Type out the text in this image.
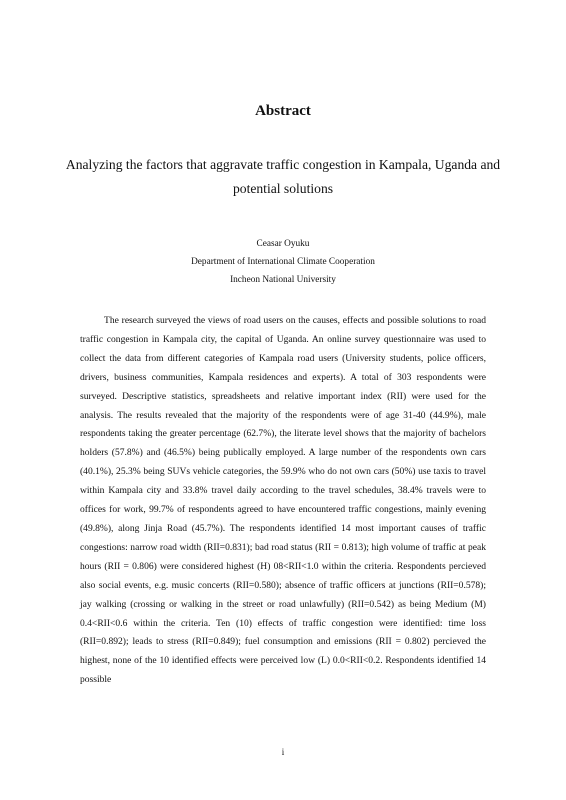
Abstract
Analyzing the factors that aggravate traffic congestion in Kampala, Uganda and potential solutions
Ceasar Oyuku
Department of International Climate Cooperation
Incheon National University

The research surveyed the views of road users on the causes, effects and possible solutions to road traffic congestion in Kampala city, the capital of Uganda. An online survey questionnaire was used to collect the data from different categories of Kampala road users (University students, police officers, drivers, business communities, Kampala residences and experts). A total of 303 respondents were surveyed. Descriptive statistics, spreadsheets and relative important index (RII) were used for the analysis. The results revealed that the majority of the respondents were of age 31-40 (44.9%), male respondents taking the greater percentage (62.7%), the literate level shows that the majority of bachelors holders (57.8%) and (46.5%) being publically employed. A large number of the respondents own cars (40.1%), 25.3% being SUVs vehicle categories, the 59.9% who do not own cars (50%) use taxis to travel within Kampala city and 33.8% travel daily according to the travel schedules, 38.4% travels were to offices for work, 99.7% of respondents agreed to have encountered traffic congestions, mainly evening (49.8%), along Jinja Road (45.7%). The respondents identified 14 most important causes of traffic congestions: narrow road width (RII=0.831); bad road status (RII = 0.813); high volume of traffic at peak hours (RII = 0.806) were considered highest (H) 08<RII<1.0 within the criteria. Respondents percieved also social events, e.g. music concerts (RII=0.580); absence of traffic officers at junctions (RII=0.578); jay walking (crossing or walking in the street or road unlawfully) (RII=0.542) as being Medium (M) 0.4<RII<0.6 within the criteria. Ten (10) effects of traffic congestion were identified: time loss (RII=0.892); leads to stress (RII=0.849); fuel consumption and emissions (RII = 0.802) percieved the highest, none of the 10 identified effects were perceived low (L) 0.0<RII<0.2. Respondents identified 14 possible

i
